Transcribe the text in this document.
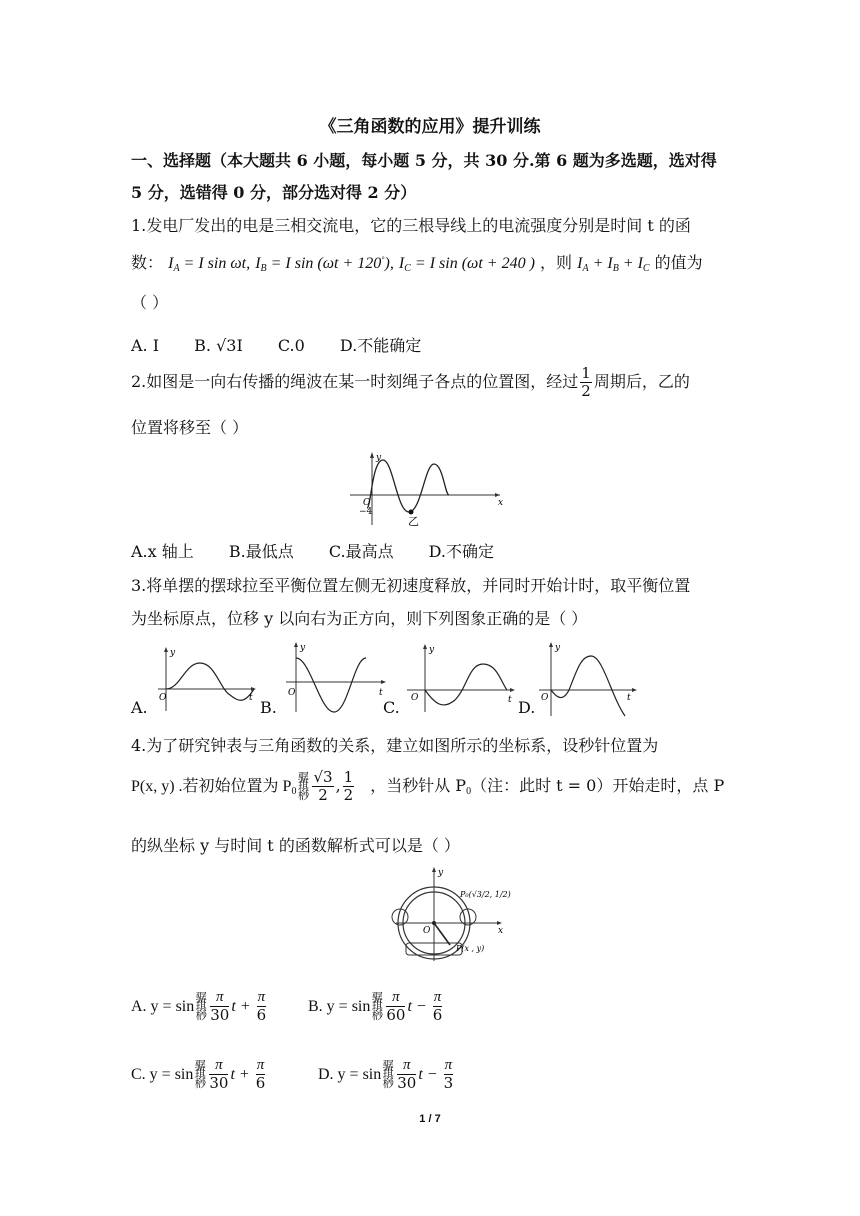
《三角函数的应用》提升训练
一、选择题（本大题共 6 小题，每小题 5 分，共 30 分.第 6 题为多选题，选对得
5 分，选错得 0 分，部分选对得 2 分）
1.发电厂发出的电是三相交流电，它的三根导线上的电流强度分别是时间 t 的函
数： $I_A = I$ sin ωt, $I_B = I$ sin (ωt + 120°), $I_C = I$ sin (ωt + 240 ) ，则 $I_A + I_B + I_C$ 的值为
（ ）
A. I B. √3I C.0 D.不能确定
2.如图是一向右传播的绳波在某一时刻绳子各点的位置图，经过 $\frac{1}{2}$ 周期后，乙的
位置将移至（ ）
y
x
O
−4
乙
A.x 轴上 B.最低点 C.最高点 D.不确定
3.将单摆的摆球拉至平衡位置左侧无初速度释放，并同时开始计时，取平衡位置
为坐标原点，位移 y 以向右为正方向，则下列图象正确的是（ ）
A.
y
O	t B.
y
O	t
C.
y
O	t D.
y
O	t
4.为了研究钟表与三角函数的关系，建立如图所示的坐标系，设秒针位置为
P(x, y) .若初始位置为 $P_0$骣
琪
桫 $\frac{√3}{2}$ , $\frac{1}{2}$ ，当秒针从 $P_0$（注：此时 t = 0）开始走时，点 P
的纵坐标 y 与时间 t 的函数解析式可以是（ ）
y
x
O
P₀(√3/2, 1/2)
P(x , y)
A. y = sin骣
琪
桫 $\frac{\pi}{30}$ $t + \frac{\pi}{6}$	B. y = sin骣
琪
桫 $\frac{\pi}{60}$ $t - \frac{\pi}{6}$
C. y = sin骣
琪
桫 $\frac{\pi}{30}$ $t + \frac{\pi}{6}$	D. y = sin骣
琪
桫 $\frac{\pi}{30}$ $t - \frac{\pi}{3}$
1 / 7
